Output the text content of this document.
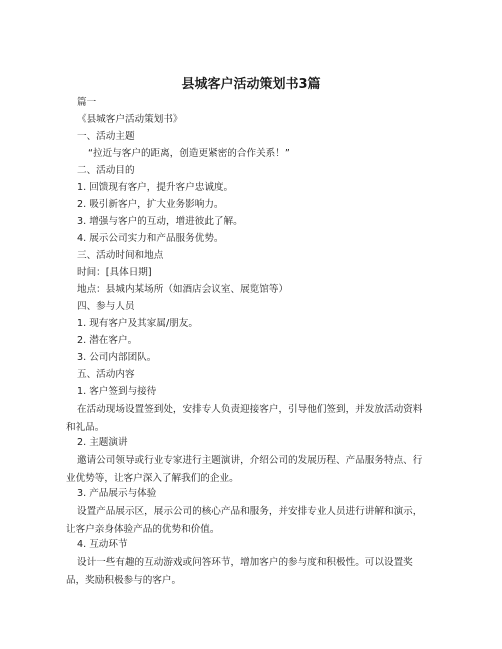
县城客户活动策划书3篇
篇一
《县城客户活动策划书》
一、活动主题
“拉近与客户的距离，创造更紧密的合作关系！”
二、活动目的
1. 回馈现有客户，提升客户忠诚度。
2. 吸引新客户，扩大业务影响力。
3. 增强与客户的互动，增进彼此了解。
4. 展示公司实力和产品服务优势。
三、活动时间和地点
时间：[具体日期]
地点：县城内某场所（如酒店会议室、展览馆等）
四、参与人员
1. 现有客户及其家属/朋友。
2. 潜在客户。
3. 公司内部团队。
五、活动内容
1. 客户签到与接待
在活动现场设置签到处，安排专人负责迎接客户，引导他们签到，并发放活动资料和礼品。
2. 主题演讲
邀请公司领导或行业专家进行主题演讲，介绍公司的发展历程、产品服务特点、行业优势等，让客户深入了解我们的企业。
3. 产品展示与体验
设置产品展示区，展示公司的核心产品和服务，并安排专业人员进行讲解和演示，让客户亲身体验产品的优势和价值。
4. 互动环节
设计一些有趣的互动游戏或问答环节，增加客户的参与度和积极性。可以设置奖品，奖励积极参与的客户。
